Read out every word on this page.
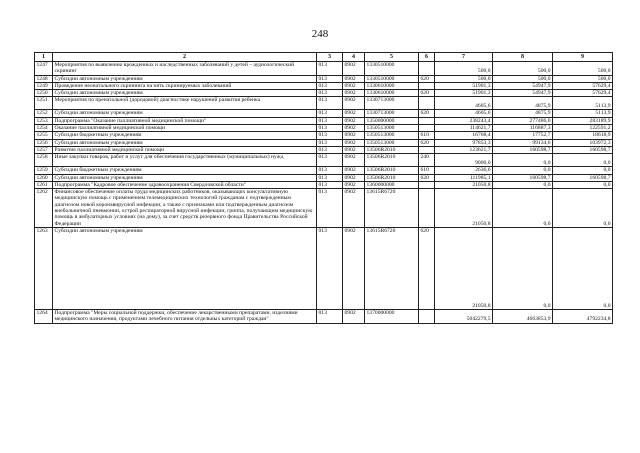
248
1	2	3	4	5	6	7	8	9
1247	Мероприятия по выявлению врожденных и наследственных заболеваний у детей – аудиологический скрининг	013	0902	1330510000		500,0	500,0	500,0
1248	Субсидии автономным учреждениям	013	0902	1330510000	620	500,0	500,0	500,0
1249	Проведение неонатального скрининга на пять скринируемых заболеваний	013	0902	1330610000		51901,3	54947,9	57629,4
1250	Субсидии автономным учреждениям	013	0902	1330610000	620	51901,3	54947,9	57629,4
1251	Мероприятия по пренатальной (дородовой) диагностике нарушений развития ребенка	013	0902	1330713000		4605,6	4875,9	5113,9
1252	Субсидии автономным учреждениям	013	0902	1330713000	620	4605,6	4875,9	5113,9
1253	Подпрограмма "Оказание паллиативной медицинской помощи"	013	0902	1350000000		238243,4	277486,0	283189,9
1254	Оказание паллиативной медицинской помощи	013	0902	1350513000		114621,7	116887,3	122591,2
1255	Субсидии бюджетным учреждениям	013	0902	1350513000	610	16768,4	17752,7	18618,9
1256	Субсидии автономным учреждениям	013	0902	1350513000	620	97853,3	99134,6	103972,3
1257	Развитие паллиативной медицинской помощи	013	0902	13506R2010		123621,7	160598,7	160598,7
1258	Иные закупки товаров, работ и услуг для обеспечения государственных (муниципальных) нужд	013	0902	13506R2010	240	9000,0	0,0	0,0
1259	Субсидии бюджетным учреждениям	013	0902	13506R2010	610	2636,6	0,0	0,0
1260	Субсидии автономным учреждениям	013	0902	13506R2010	620	111985,1	160598,7	160598,7
1261	Подпрограмма "Кадровое обеспечение здравоохранения Свердловской области"	013	0902	1360000000		21050,8	0,0	0,0
1262	Финансовое обеспечение оплаты труда медицинских работников, оказывающих консультативную медицинскую помощь с применением телемедицинских технологий гражданам с подтвержденным диагнозом новой коронавирусной инфекции, а также с признаками или подтвержденным диагнозом внебольничной пневмонии, острой респираторной вирусной инфекции, гриппа, получающим медицинскую помощь в амбулаторных условиях (на дому), за счет средств резервного фонда Правительства Российской Федерации	013	0902	13615R6720		21050,8	0,0	0,0
1263	Субсидии автономным учреждениям	013	0902	13615R6720	620	21050,8	0,0	0,0
1264	Подпрограмма "Меры социальной поддержки, обеспечение лекарственными препаратами, изделиями медицинского назначения, продуктами лечебного питания отдельных категорий граждан"	013	0902	1370000000		5042279,5	4663853,9	4792234,8
